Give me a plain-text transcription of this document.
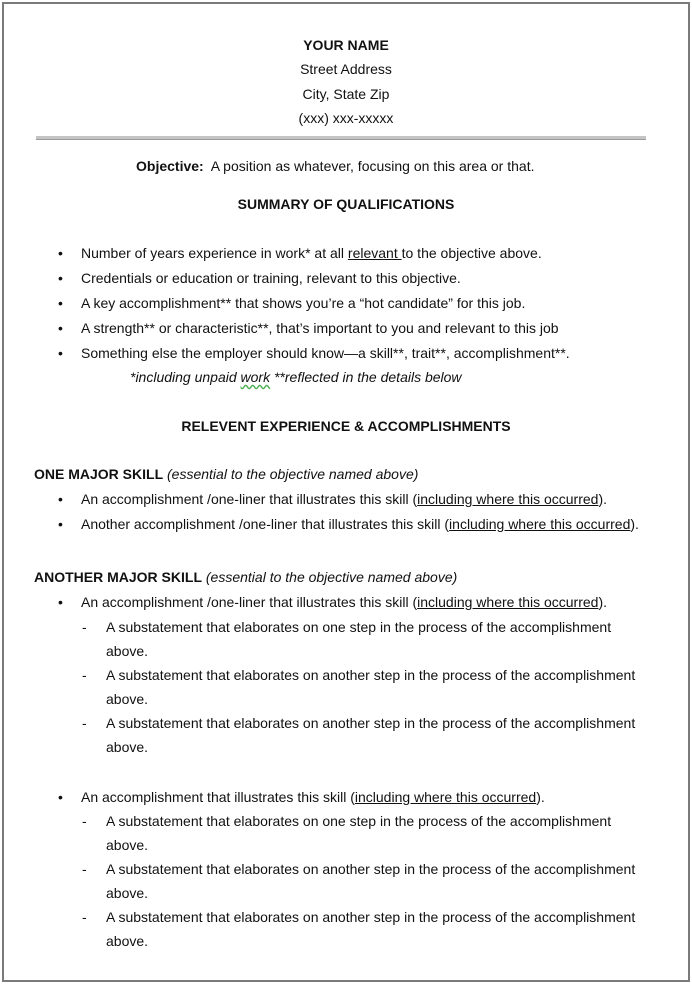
YOUR NAME
Street Address
City, State Zip
(xxx) xxx-xxxxx
Objective: A position as whatever, focusing on this area or that.
SUMMARY OF QUALIFICATIONS
•	Number of years experience in work* at all relevant to the objective above.
•	Credentials or education or training, relevant to this objective.
•	A key accomplishment** that shows you’re a “hot candidate” for this job.
•	A strength** or characteristic**, that’s important to you and relevant to this job
•	Something else the employer should know—a skill**, trait**, accomplishment**.
*including unpaid work **reflected in the details below
RELEVENT EXPERIENCE & ACCOMPLISHMENTS
ONE MAJOR SKILL (essential to the objective named above)
•	An accomplishment /one-liner that illustrates this skill (including where this occurred).
•	Another accomplishment /one-liner that illustrates this skill (including where this occurred).
ANOTHER MAJOR SKILL (essential to the objective named above)
•	An accomplishment /one-liner that illustrates this skill (including where this occurred).
-	A substatement that elaborates on one step in the process of the accomplishment
above.
-	A substatement that elaborates on another step in the process of the accomplishment
above.
-	A substatement that elaborates on another step in the process of the accomplishment
above.
•	An accomplishment that illustrates this skill (including where this occurred).
-	A substatement that elaborates on one step in the process of the accomplishment
above.
-	A substatement that elaborates on another step in the process of the accomplishment
above.
-	A substatement that elaborates on another step in the process of the accomplishment
above.
